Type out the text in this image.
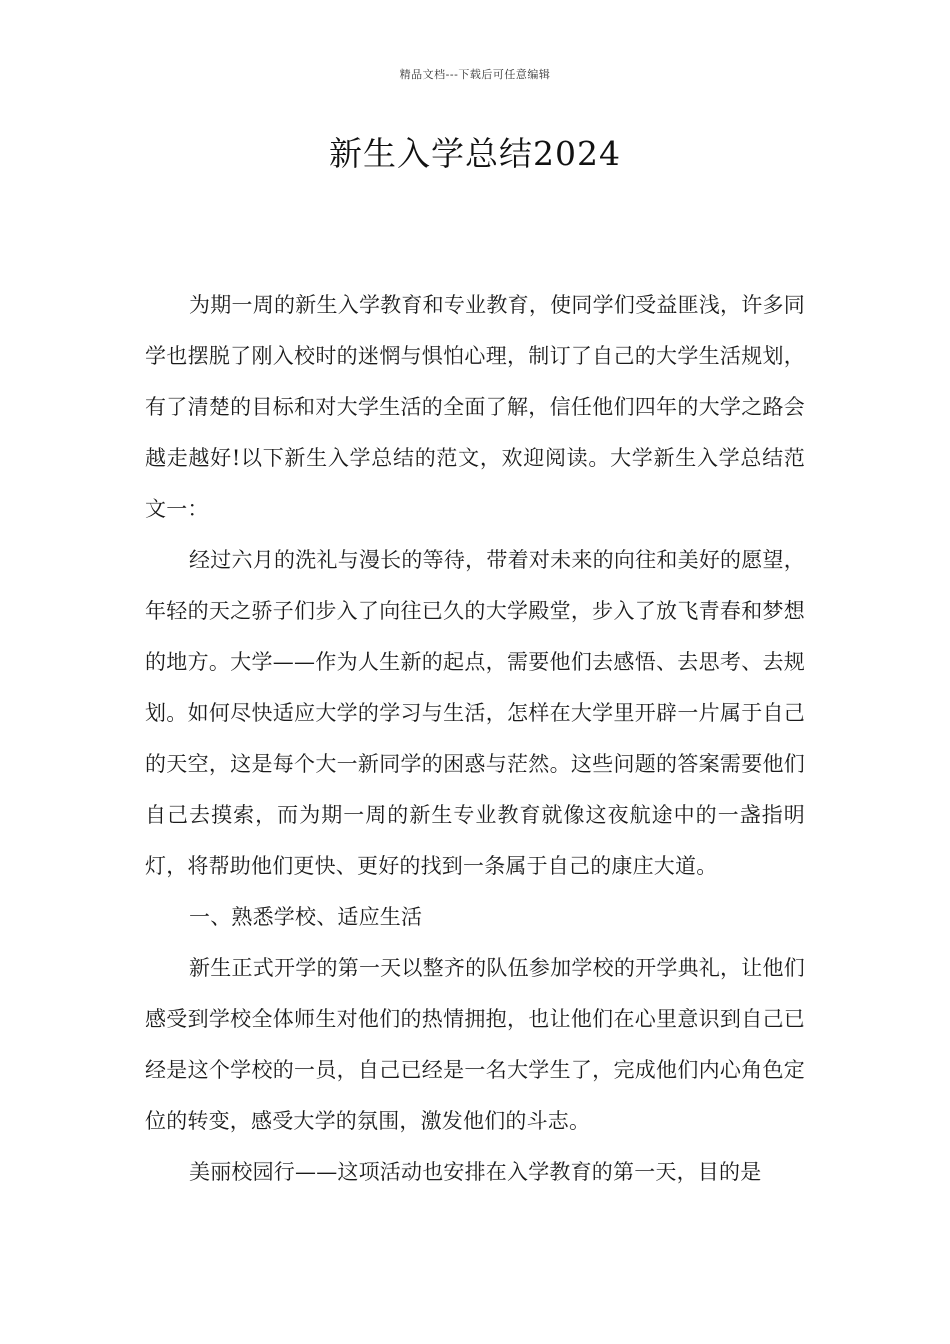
精品文档---下载后可任意编辑
新生入学总结2024

为期一周的新生入学教育和专业教育，使同学们受益匪浅，许多同学也摆脱了刚入校时的迷惘与惧怕心理，制订了自己的大学生活规划，有了清楚的目标和对大学生活的全面了解，信任他们四年的大学之路会越走越好!以下新生入学总结的范文，欢迎阅读。大学新生入学总结范文一：

经过六月的洗礼与漫长的等待，带着对未来的向往和美好的愿望，年轻的天之骄子们步入了向往已久的大学殿堂，步入了放飞青春和梦想的地方。大学——作为人生新的起点，需要他们去感悟、去思考、去规划。如何尽快适应大学的学习与生活，怎样在大学里开辟一片属于自己的天空，这是每个大一新同学的困惑与茫然。这些问题的答案需要他们自己去摸索，而为期一周的新生专业教育就像这夜航途中的一盏指明灯，将帮助他们更快、更好的找到一条属于自己的康庄大道。

一、熟悉学校、适应生活

新生正式开学的第一天以整齐的队伍参加学校的开学典礼，让他们感受到学校全体师生对他们的热情拥抱，也让他们在心里意识到自己已经是这个学校的一员，自己已经是一名大学生了，完成他们内心角色定位的转变，感受大学的氛围，激发他们的斗志。

美丽校园行——这项活动也安排在入学教育的第一天，目的是
